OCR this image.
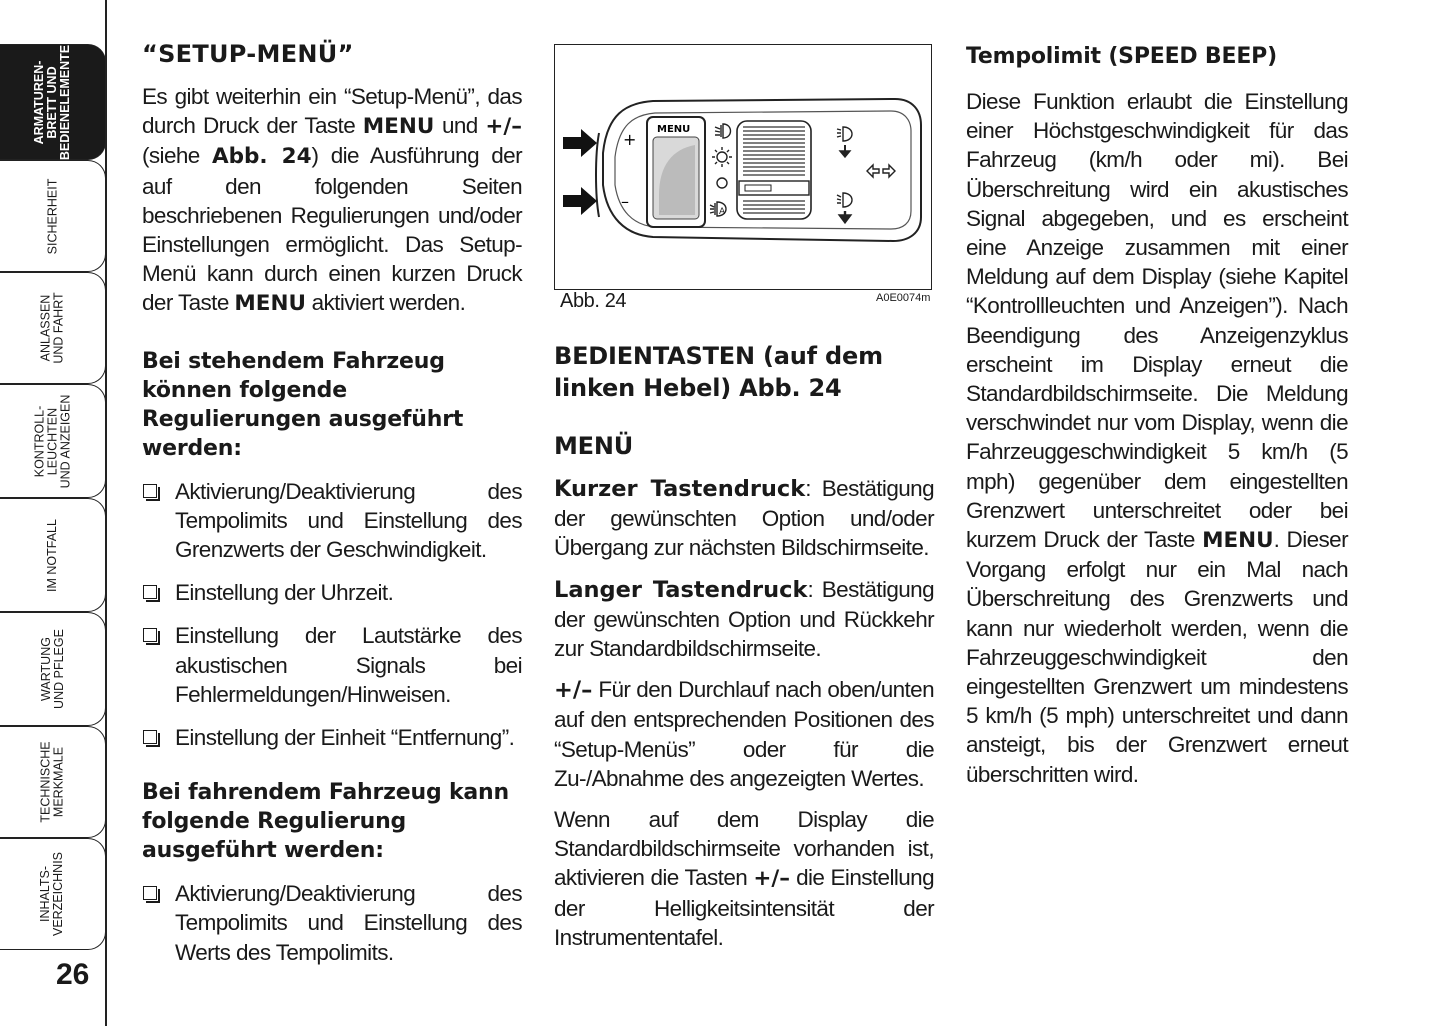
ARMATUREN-
BRETT UND
BEDIENELEMENTE
SICHERHEIT
ANLASSEN
UND FAHRT
KONTROLL-
LEUCHTEN
UND ANZEIGEN
IM NOTFALL
WARTUNG
UND PFLEGE
TECHNISCHE
MERKMALE
INHALTS-
VERZEICHNIS
26
“SETUP-MENÜ”

Es gibt weiterhin ein “Setup-Menü”, das durch Druck der Taste MENU und +/– (siehe Abb. 24) die Ausführung der auf den folgenden Seiten beschriebenen Regulierungen und/oder Einstellungen ermöglicht. Das Setup-Menü kann durch einen kurzen Druck der Taste MENU aktiviert werden.

Bei stehendem Fahrzeug können folgende Regulierungen ausgeführt werden:
Aktivierung/Deaktivierung des Tempolimits und Einstellung des Grenzwerts der Geschwindigkeit.
Einstellung der Uhrzeit.
Einstellung der Lautstärke des akustischen Signals bei Fehlermeldungen/Hinweisen.
Einstellung der Einheit “Entfernung”.
Bei fahrendem Fahrzeug kann folgende Regulierung ausgeführt werden:
Aktivierung/Deaktivierung des Tempolimits und Einstellung des Werts des Tempolimits.
+
–
MENU
A
Abb. 24	A0E0074m
BEDIENTASTEN (auf dem linken Hebel) Abb. 24
MENÜ

Kurzer Tastendruck: Bestätigung der gewünschten Option und/oder Übergang zur nächsten Bildschirmseite.

Langer Tastendruck: Bestätigung der gewünschten Option und Rückkehr zur Standardbildschirmseite.

+/– Für den Durchlauf nach oben/unten auf den entsprechenden Positionen des “Setup-Menüs” oder für die Zu-/Abnahme des angezeigten Wertes.

Wenn auf dem Display die Standardbildschirmseite vorhanden ist, aktivieren die Tasten +/– die Einstellung der Helligkeitsintensität der Instrumententafel.

Tempolimit (SPEED BEEP)

Diese Funktion erlaubt die Einstellung einer Höchstgeschwindigkeit für das Fahrzeug (km/h oder mi). Bei Überschreitung wird ein akustisches Signal abgegeben, und es erscheint eine Anzeige zusammen mit einer Meldung auf dem Display (siehe Kapitel “Kontrollleuchten und Anzeigen”). Nach Beendigung des Anzeigenzyklus erscheint im Display erneut die Standardbildschirmseite. Die Meldung verschwindet nur vom Display, wenn die Fahrzeuggeschwindigkeit 5 km/h (5 mph) gegenüber dem eingestellten Grenzwert unterschreitet oder bei kurzem Druck der Taste MENU. Dieser Vorgang erfolgt nur ein Mal nach Überschreitung des Grenzwerts und kann nur wiederholt werden, wenn die Fahrzeuggeschwindigkeit den eingestellten Grenzwert um mindestens 5 km/h (5 mph) unterschreitet und dann ansteigt, bis der Grenzwert erneut überschritten wird.
